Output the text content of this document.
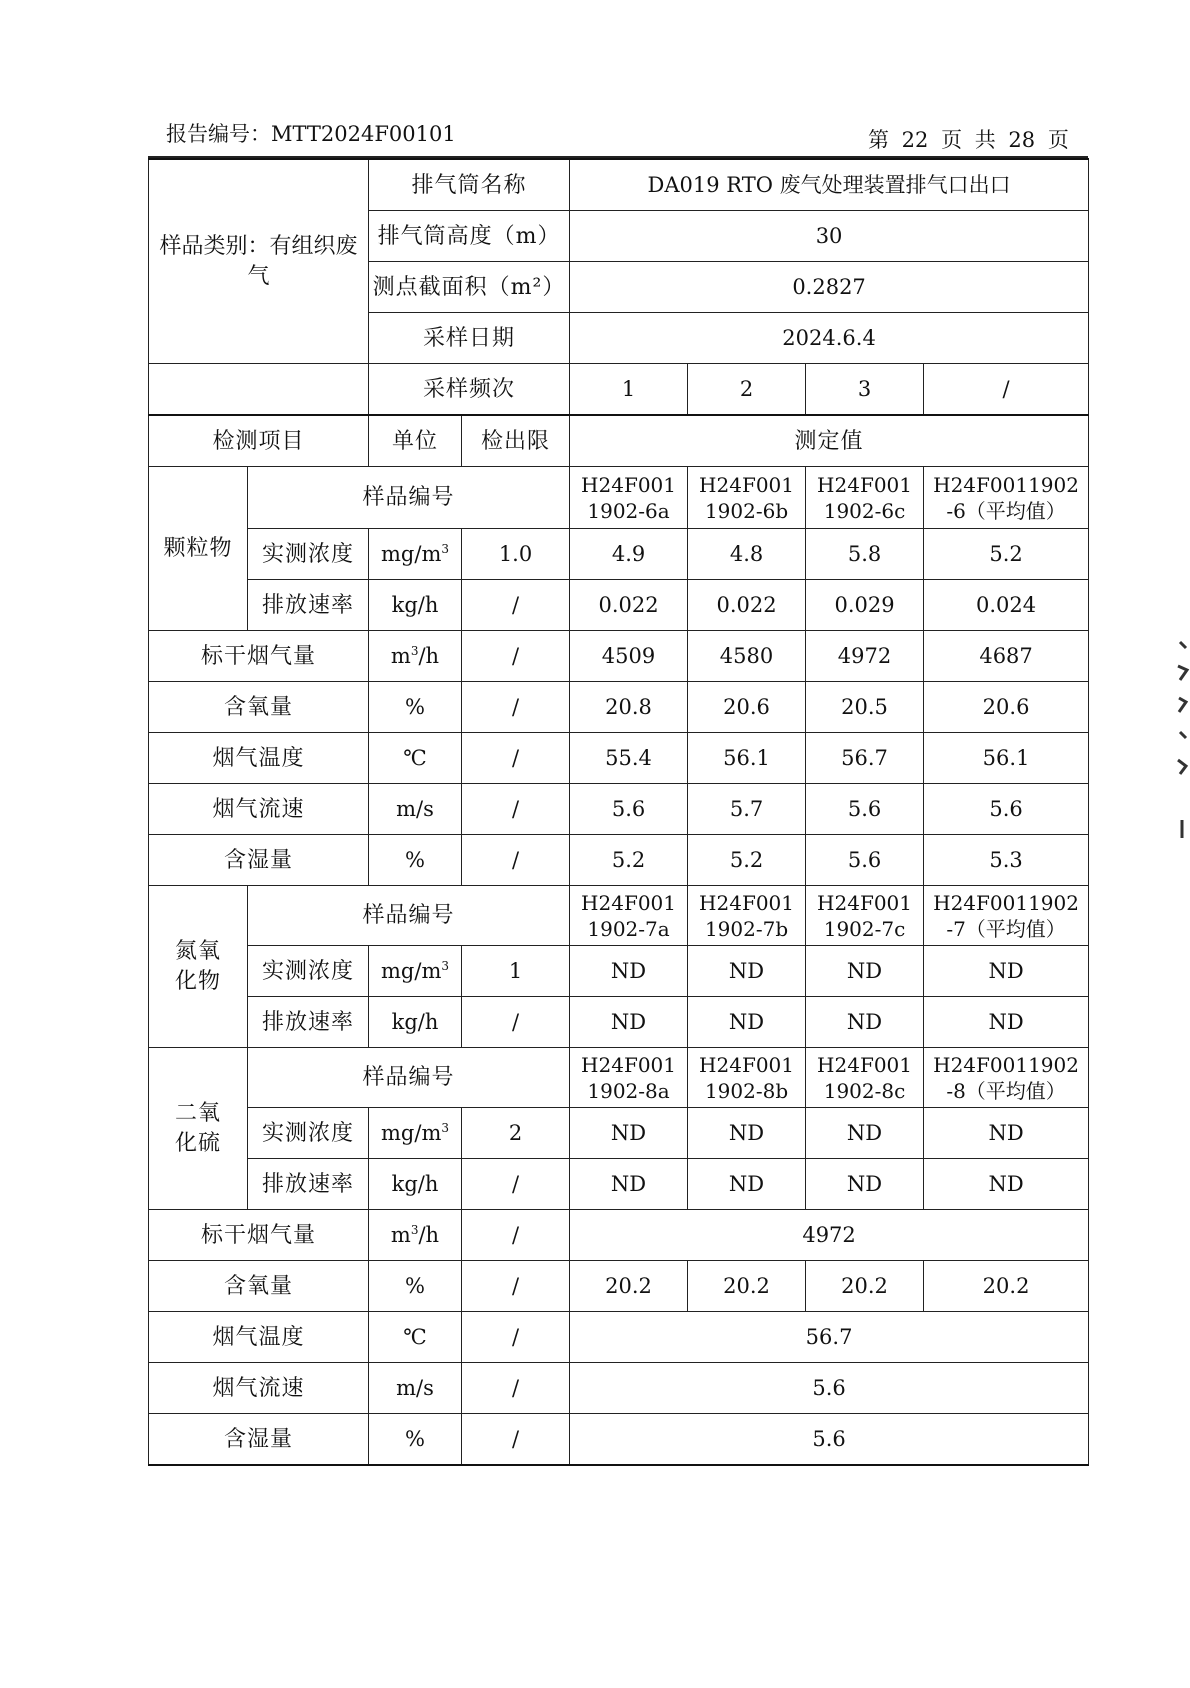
报告编号：MTT2024F00101	第 22 页 共 28 页
样品类别：有组织废气		排气筒名称		DA019 RTO 废气处理装置排气口出口			
		排气筒高度（m）		30			
		测点截面积（m²）		0.2827			
		采样日期		2024.6.4			
		采样频次		1	2	3	/
检测项目		单位	检出限	测定值			
颗粒物	样品编号			H24F001 1902-6a	H24F001 1902-6b	H24F001 1902-6c	H24F0011902 -6（平均值）
	实测浓度	$mg/m^3$	1.0	4.9	4.8	5.8	5.2
	排放速率	kg/h	/	0.022	0.022	0.029	0.024
标干烟气量		$m^3/h$	/	4509	4580	4972	4687
含氧量		%	/	20.8	20.6	20.5	20.6
烟气温度		℃	/	55.4	56.1	56.7	56.1
烟气流速		m/s	/	5.6	5.7	5.6	5.6
含湿量		%	/	5.2	5.2	5.6	5.3
氮氧化物	样品编号			H24F001 1902-7a	H24F001 1902-7b	H24F001 1902-7c	H24F0011902 -7（平均值）
	实测浓度	$mg/m^3$	1	ND	ND	ND	ND
	排放速率	kg/h	/	ND	ND	ND	ND
二氧化硫	样品编号			H24F001 1902-8a	H24F001 1902-8b	H24F001 1902-8c	H24F0011902 -8（平均值）
	实测浓度	$mg/m^3$	2	ND	ND	ND	ND
	排放速率	kg/h	/	ND	ND	ND	ND
标干烟气量		$m^3/h$	/	4972			
含氧量		%	/	20.2	20.2	20.2	20.2
烟气温度		℃	/	56.7			
烟气流速		m/s	/	5.6			
含湿量		%	/	5.6			
